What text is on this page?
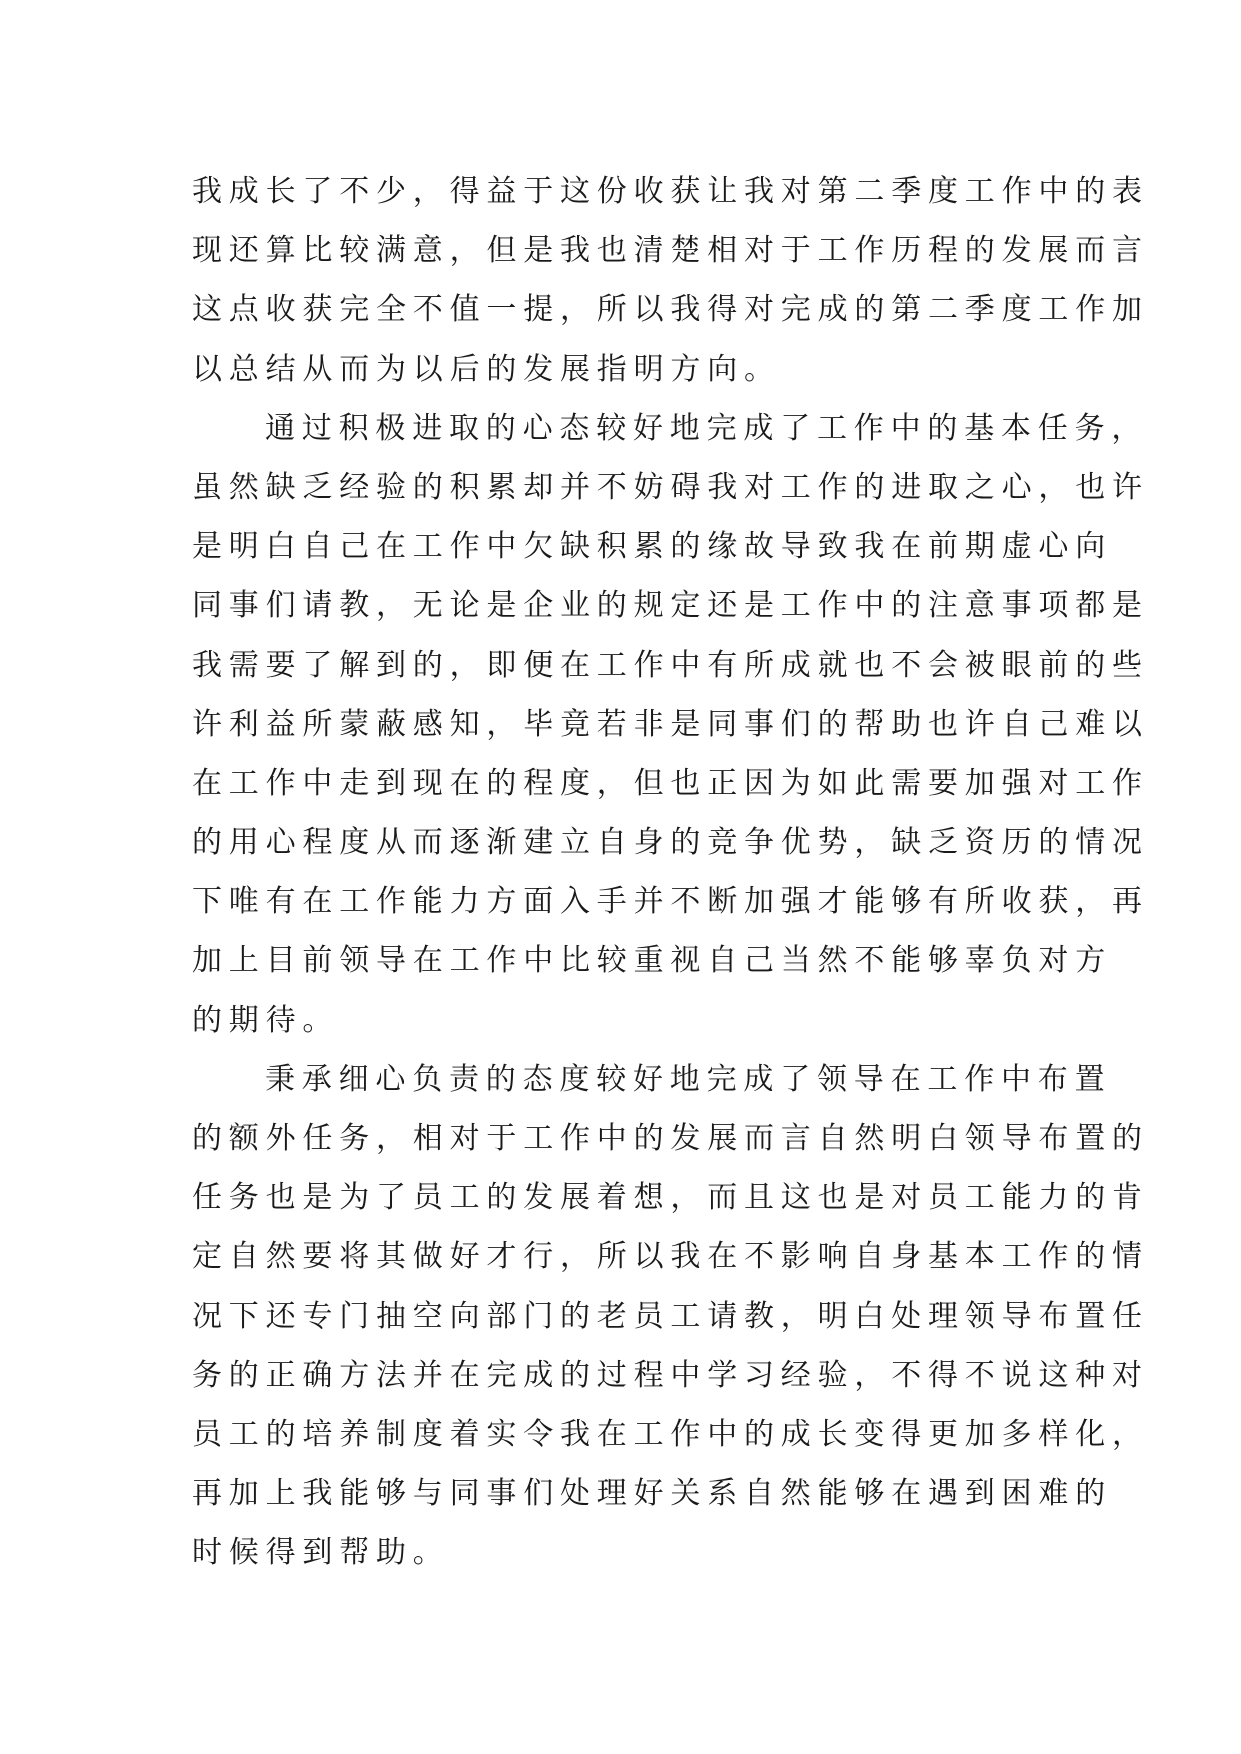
我成长了不少，得益于这份收获让我对第二季度工作中的表
现还算比较满意，但是我也清楚相对于工作历程的发展而言
这点收获完全不值一提，所以我得对完成的第二季度工作加
以总结从而为以后的发展指明方向。
通过积极进取的心态较好地完成了工作中的基本任务，
虽然缺乏经验的积累却并不妨碍我对工作的进取之心，也许
是明白自己在工作中欠缺积累的缘故导致我在前期虚心向
同事们请教，无论是企业的规定还是工作中的注意事项都是
我需要了解到的，即便在工作中有所成就也不会被眼前的些
许利益所蒙蔽感知，毕竟若非是同事们的帮助也许自己难以
在工作中走到现在的程度，但也正因为如此需要加强对工作
的用心程度从而逐渐建立自身的竞争优势，缺乏资历的情况
下唯有在工作能力方面入手并不断加强才能够有所收获，再
加上目前领导在工作中比较重视自己当然不能够辜负对方
的期待。
秉承细心负责的态度较好地完成了领导在工作中布置
的额外任务，相对于工作中的发展而言自然明白领导布置的
任务也是为了员工的发展着想，而且这也是对员工能力的肯
定自然要将其做好才行，所以我在不影响自身基本工作的情
况下还专门抽空向部门的老员工请教，明白处理领导布置任
务的正确方法并在完成的过程中学习经验，不得不说这种对
员工的培养制度着实令我在工作中的成长变得更加多样化，
再加上我能够与同事们处理好关系自然能够在遇到困难的
时候得到帮助。
